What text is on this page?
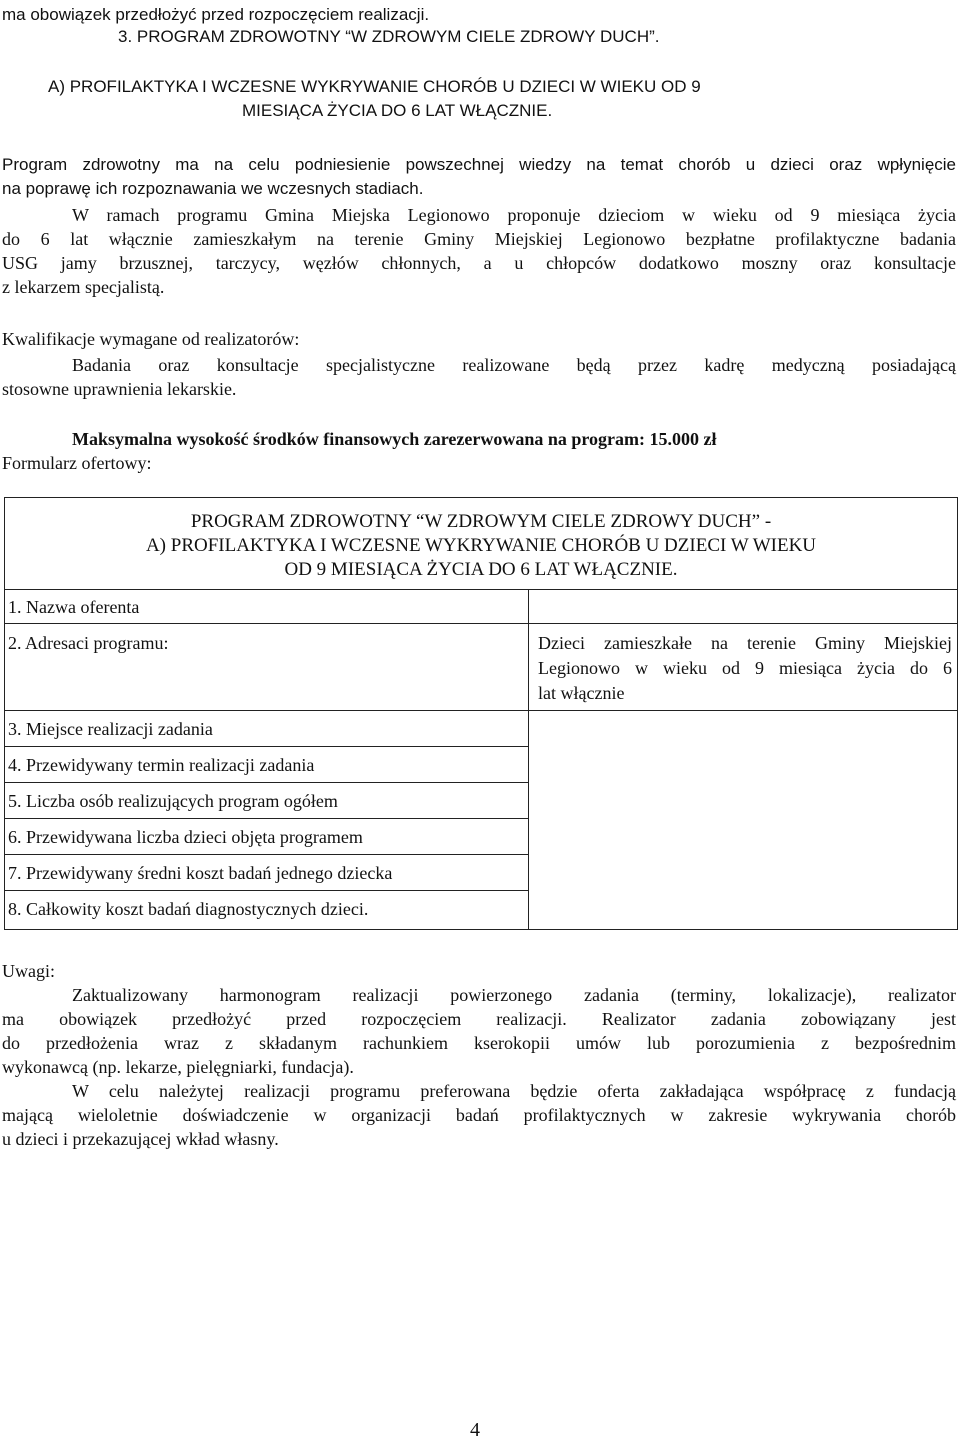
ma obowiązek przedłożyć przed rozpoczęciem realizacji.
3. PROGRAM ZDROWOTNY “W ZDROWYM CIELE ZDROWY DUCH”.
A) PROFILAKTYKA I WCZESNE WYKRYWANIE CHORÓB U DZIECI W WIEKU OD 9
MIESIĄCA ŻYCIA DO 6 LAT WŁĄCZNIE.
Program zdrowotny ma na celu podniesienie powszechnej wiedzy na temat chorób u dzieci oraz wpłynięcie
na poprawę ich rozpoznawania we wczesnych stadiach.
W ramach programu Gmina Miejska Legionowo proponuje dzieciom w wieku od 9 miesiąca życia
do 6 lat włącznie zamieszkałym na terenie Gminy Miejskiej Legionowo bezpłatne profilaktyczne badania
USG jamy brzusznej, tarczycy, węzłów chłonnych, a u chłopców dodatkowo moszny oraz konsultacje
z lekarzem specjalistą.
Kwalifikacje wymagane od realizatorów:
Badania oraz konsultacje specjalistyczne realizowane będą przez kadrę medyczną posiadającą
stosowne uprawnienia lekarskie.
Maksymalna wysokość środków finansowych zarezerwowana na program: 15.000 zł
Formularz ofertowy:
PROGRAM ZDROWOTNY “W ZDROWYM CIELE ZDROWY DUCH” -
A) PROFILAKTYKA I WCZESNE WYKRYWANIE CHORÓB U DZIECI W WIEKU
OD 9 MIESIĄCA ŻYCIA DO 6 LAT WŁĄCZNIE.
1. Nazwa oferenta
2. Adresaci programu:	Dzieci zamieszkałe na terenie Gminy Miejskiej
Legionowo w wieku od 9 miesiąca życia do 6
lat włącznie
3. Miejsce realizacji zadania
4. Przewidywany termin realizacji zadania
5. Liczba osób realizujących program ogółem
6. Przewidywana liczba dzieci objęta programem
7. Przewidywany średni koszt badań jednego dziecka
8. Całkowity koszt badań diagnostycznych dzieci.
Uwagi:
Zaktualizowany harmonogram realizacji powierzonego zadania (terminy, lokalizacje), realizator
ma obowiązek przedłożyć przed rozpoczęciem realizacji. Realizator zadania zobowiązany jest
do przedłożenia wraz z składanym rachunkiem kserokopii umów lub porozumienia z bezpośrednim
wykonawcą (np. lekarze, pielęgniarki, fundacja).
W celu należytej realizacji programu preferowana będzie oferta zakładająca współpracę z fundacją
mającą wieloletnie doświadczenie w organizacji badań profilaktycznych w zakresie wykrywania chorób
u dzieci i przekazującej wkład własny.
4
